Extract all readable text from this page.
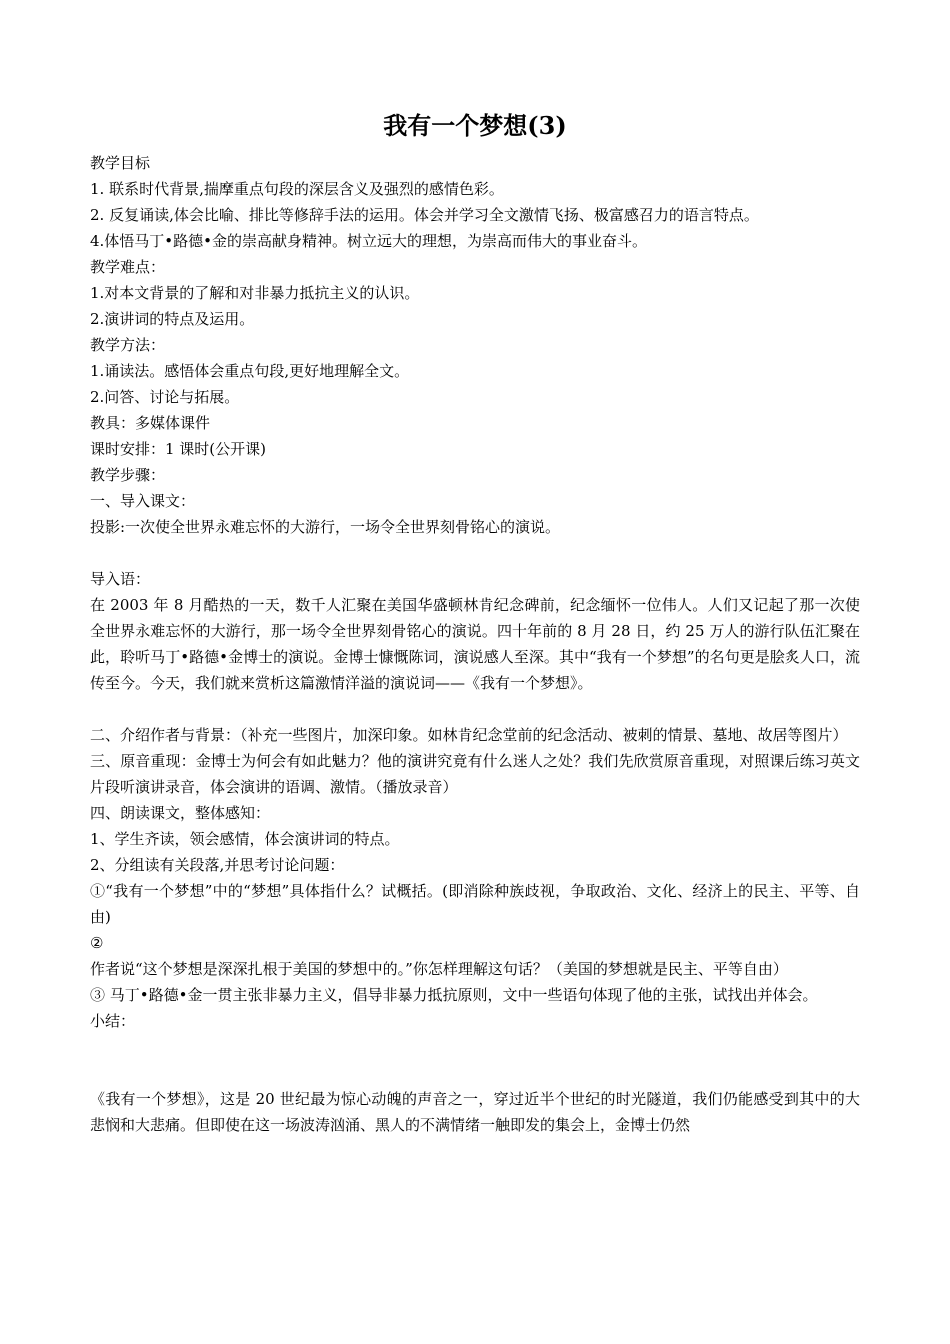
我有一个梦想(3)
教学目标
1. 联系时代背景,揣摩重点句段的深层含义及强烈的感情色彩。
2. 反复诵读,体会比喻、排比等修辞手法的运用。体会并学习全文激情飞扬、极富感召力的语言特点。
4.体悟马丁•路德•金的崇高献身精神。树立远大的理想，为崇高而伟大的事业奋斗。
教学难点：
1.对本文背景的了解和对非暴力抵抗主义的认识。
2.演讲词的特点及运用。
教学方法：
1.诵读法。感悟体会重点句段,更好地理解全文。
2.问答、讨论与拓展。
教具：多媒体课件
课时安排：1 课时(公开课)
教学步骤：
一、导入课文：
投影:一次使全世界永难忘怀的大游行，一场令全世界刻骨铭心的演说。
导入语：
在 2003 年 8 月酷热的一天，数千人汇聚在美国华盛顿林肯纪念碑前，纪念缅怀一位伟人。人们又记起了那一次使全世界永难忘怀的大游行，那一场令全世界刻骨铭心的演说。四十年前的 8 月 28 日，约 25 万人的游行队伍汇聚在此，聆听马丁•路德•金博士的演说。金博士慷慨陈词，演说感人至深。其中“我有一个梦想”的名句更是脍炙人口，流传至今。今天，我们就来赏析这篇激情洋溢的演说词——《我有一个梦想》。
二、介绍作者与背景：（补充一些图片，加深印象。如林肯纪念堂前的纪念活动、被刺的情景、墓地、故居等图片）
三、原音重现：金博士为何会有如此魅力？他的演讲究竟有什么迷人之处？我们先欣赏原音重现，对照课后练习英文片段听演讲录音，体会演讲的语调、激情。（播放录音）
四、朗读课文，整体感知：
1、学生齐读，领会感情，体会演讲词的特点。
2、分组读有关段落,并思考讨论问题：
①“我有一个梦想”中的“梦想”具体指什么？试概括。(即消除种族歧视，争取政治、文化、经济上的民主、平等、自由)
②
作者说“这个梦想是深深扎根于美国的梦想中的。”你怎样理解这句话？（美国的梦想就是民主、平等自由）
③ 马丁•路德•金一贯主张非暴力主义，倡导非暴力抵抗原则，文中一些语句体现了他的主张，试找出并体会。
小结：
《我有一个梦想》，这是 20 世纪最为惊心动魄的声音之一，穿过近半个世纪的时光隧道，我们仍能感受到其中的大悲悯和大悲痛。但即使在这一场波涛汹涌、黑人的不满情绪一触即发的集会上，金博士仍然
